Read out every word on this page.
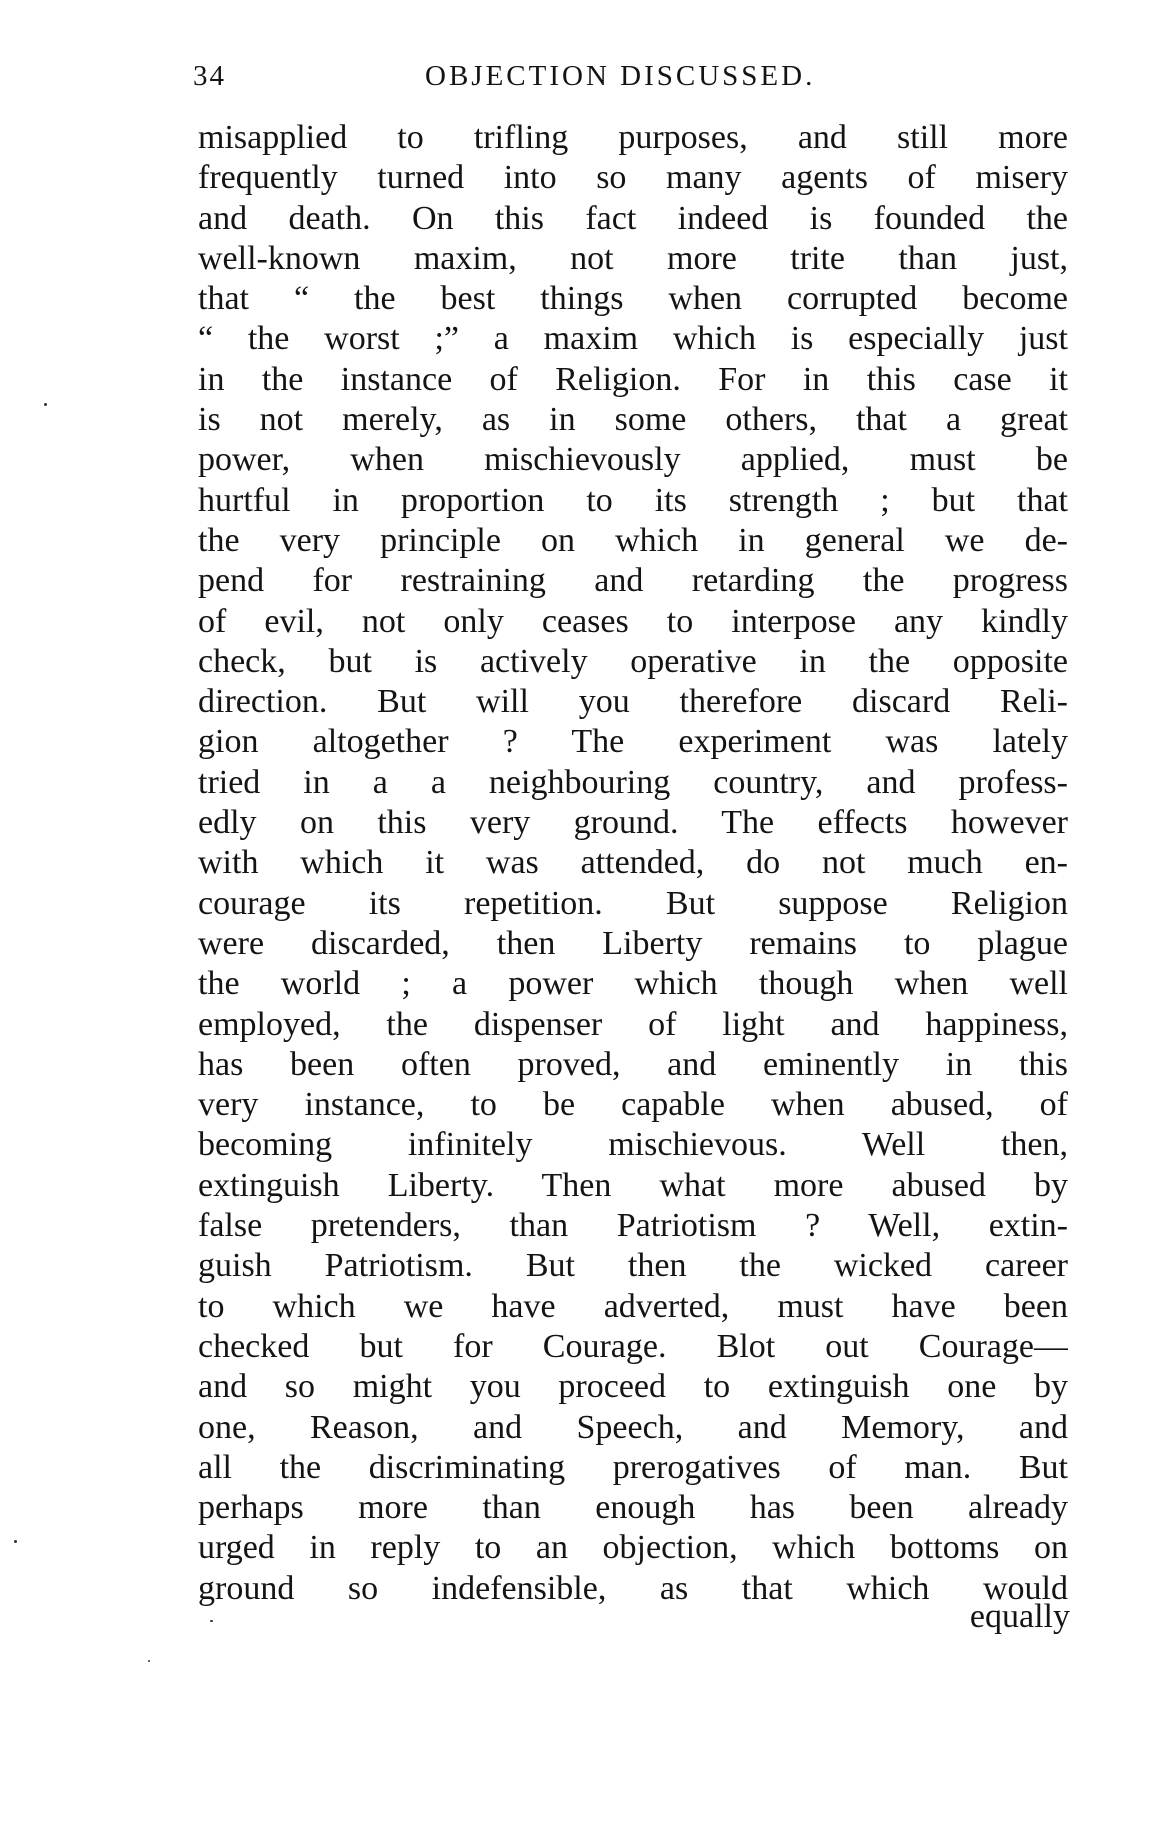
34	OBJECTION DISCUSSED.
misapplied to trifling purposes, and still more
frequently turned into so many agents of misery
and death. On this fact indeed is founded the
well-known maxim, not more trite than just,
that “ the best things when corrupted become
“ the worst ;” a maxim which is especially just
in the instance of Religion. For in this case it
is not merely, as in some others, that a great
power, when mischievously applied, must be
hurtful in proportion to its strength ; but that
the very principle on which in general we de-
pend for restraining and retarding the progress
of evil, not only ceases to interpose any kindly
check, but is actively operative in the opposite
direction. But will you therefore discard Reli-
gion altogether ? The experiment was lately
tried in a a neighbouring country, and profess-
edly on this very ground. The effects however
with which it was attended, do not much en-
courage its repetition. But suppose Religion
were discarded, then Liberty remains to plague
the world ; a power which though when well
employed, the dispenser of light and happiness,
has been often proved, and eminently in this
very instance, to be capable when abused, of
becoming infinitely mischievous. Well then,
extinguish Liberty. Then what more abused by
false pretenders, than Patriotism ? Well, extin-
guish Patriotism. But then the wicked career
to which we have adverted, must have been
checked but for Courage. Blot out Courage—
and so might you proceed to extinguish one by
one, Reason, and Speech, and Memory, and
all the discriminating prerogatives of man. But
perhaps more than enough has been already
urged in reply to an objection, which bottoms on
ground so indefensible, as that which would
equally
